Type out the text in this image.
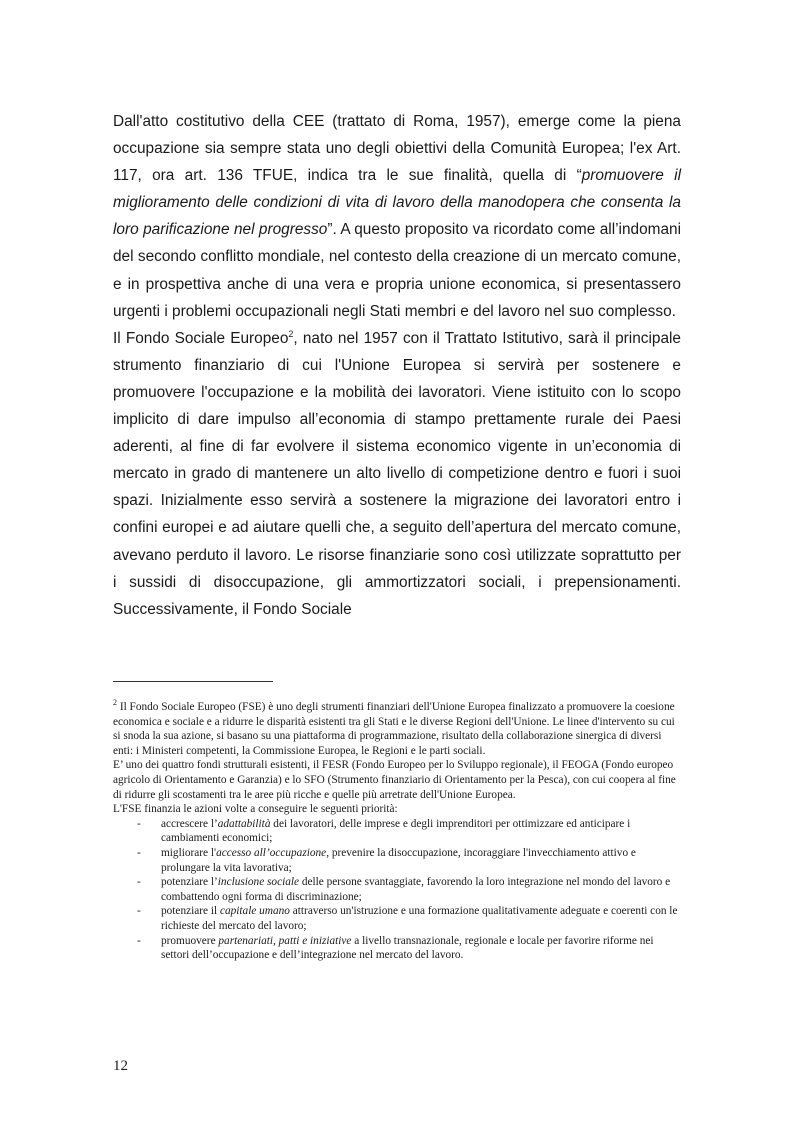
Dall'atto costitutivo della CEE (trattato di Roma, 1957), emerge come la piena occupazione sia sempre stata uno degli obiettivi della Comunità Europea; l'ex Art. 117, ora art. 136 TFUE, indica tra le sue finalità, quella di “promuovere il miglioramento delle condizioni di vita di lavoro della manodopera che consenta la loro parificazione nel progresso”. A questo proposito va ricordato come all’indomani del secondo conflitto mondiale, nel contesto della creazione di un mercato comune, e in prospettiva anche di una vera e propria unione economica, si presentassero urgenti i problemi occupazionali negli Stati membri e del lavoro nel suo complesso.

Il Fondo Sociale Europeo$^2$, nato nel 1957 con il Trattato Istitutivo, sarà il principale strumento finanziario di cui l'Unione Europea si servirà per sostenere e promuovere l'occupazione e la mobilità dei lavoratori. Viene istituito con lo scopo implicito di dare impulso all’economia di stampo prettamente rurale dei Paesi aderenti, al fine di far evolvere il sistema economico vigente in un’economia di mercato in grado di mantenere un alto livello di competizione dentro e fuori i suoi spazi. Inizialmente esso servirà a sostenere la migrazione dei lavoratori entro i confini europei e ad aiutare quelli che, a seguito dell’apertura del mercato comune, avevano perduto il lavoro. Le risorse finanziarie sono così utilizzate soprattutto per i sussidi di disoccupazione, gli ammortizzatori sociali, i prepensionamenti. Successivamente, il Fondo Sociale

$^2$ Il Fondo Sociale Europeo (FSE) è uno degli strumenti finanziari dell'Unione Europea finalizzato a promuovere la coesione economica e sociale e a ridurre le disparità esistenti tra gli Stati e le diverse Regioni dell'Unione. Le linee d'intervento su cui si snoda la sua azione, si basano su una piattaforma di programmazione, risultato della collaborazione sinergica di diversi enti: i Ministeri competenti, la Commissione Europea, le Regioni e le parti sociali.

E’ uno dei quattro fondi strutturali esistenti, il FESR (Fondo Europeo per lo Sviluppo regionale), il FEOGA (Fondo europeo agricolo di Orientamento e Garanzia) e lo SFO (Strumento finanziario di Orientamento per la Pesca), con cui coopera al fine di ridurre gli scostamenti tra le aree più ricche e quelle più arretrate dell'Unione Europea.

L'FSE finanzia le azioni volte a conseguire le seguenti priorità:

- accrescere l’adattabilità dei lavoratori, delle imprese e degli imprenditori per ottimizzare ed anticipare i cambiamenti economici;
- migliorare l'accesso all’occupazione, prevenire la disoccupazione, incoraggiare l'invecchiamento attivo e prolungare la vita lavorativa;
- potenziare l’inclusione sociale delle persone svantaggiate, favorendo la loro integrazione nel mondo del lavoro e combattendo ogni forma di discriminazione;
- potenziare il capitale umano attraverso un'istruzione e una formazione qualitativamente adeguate e coerenti con le richieste del mercato del lavoro;
- promuovere partenariati, patti e iniziative a livello transnazionale, regionale e locale per favorire riforme nei settori dell’occupazione e dell’integrazione nel mercato del lavoro.
12
